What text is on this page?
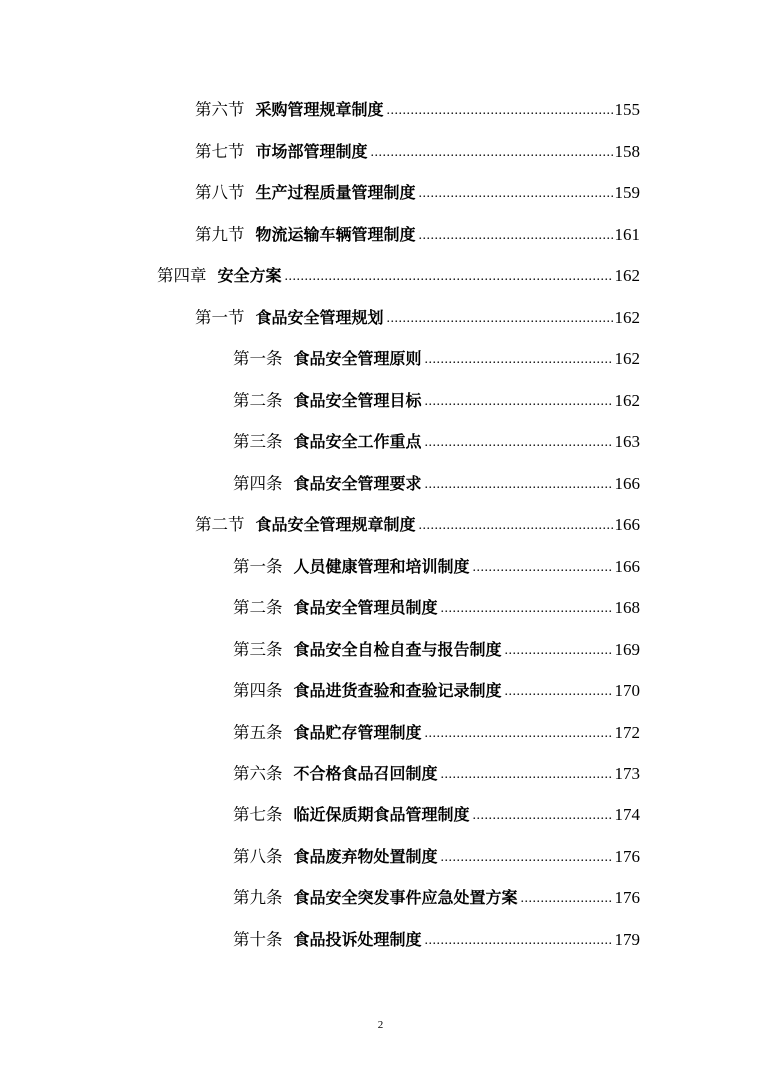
第六节 采购管理规章制度 .....	155
第七节 市场部管理制度 .....	158
第八节 生产过程质量管理制度 .....	159
第九节 物流运输车辆管理制度 .....	161
第四章 安全方案 .....	162
第一节 食品安全管理规划 .....	162
第一条 食品安全管理原则 .....	162
第二条 食品安全管理目标 .....	162
第三条 食品安全工作重点 .....	163
第四条 食品安全管理要求 .....	166
第二节 食品安全管理规章制度 .....	166
第一条 人员健康管理和培训制度 .....	166
第二条 食品安全管理员制度 .....	168
第三条 食品安全自检自查与报告制度 .....	169
第四条 食品进货查验和查验记录制度 .....	170
第五条 食品贮存管理制度 .....	172
第六条 不合格食品召回制度 .....	173
第七条 临近保质期食品管理制度 .....	174
第八条 食品废弃物处置制度 .....	176
第九条 食品安全突发事件应急处置方案 .....	176
第十条 食品投诉处理制度 .....	179
2
